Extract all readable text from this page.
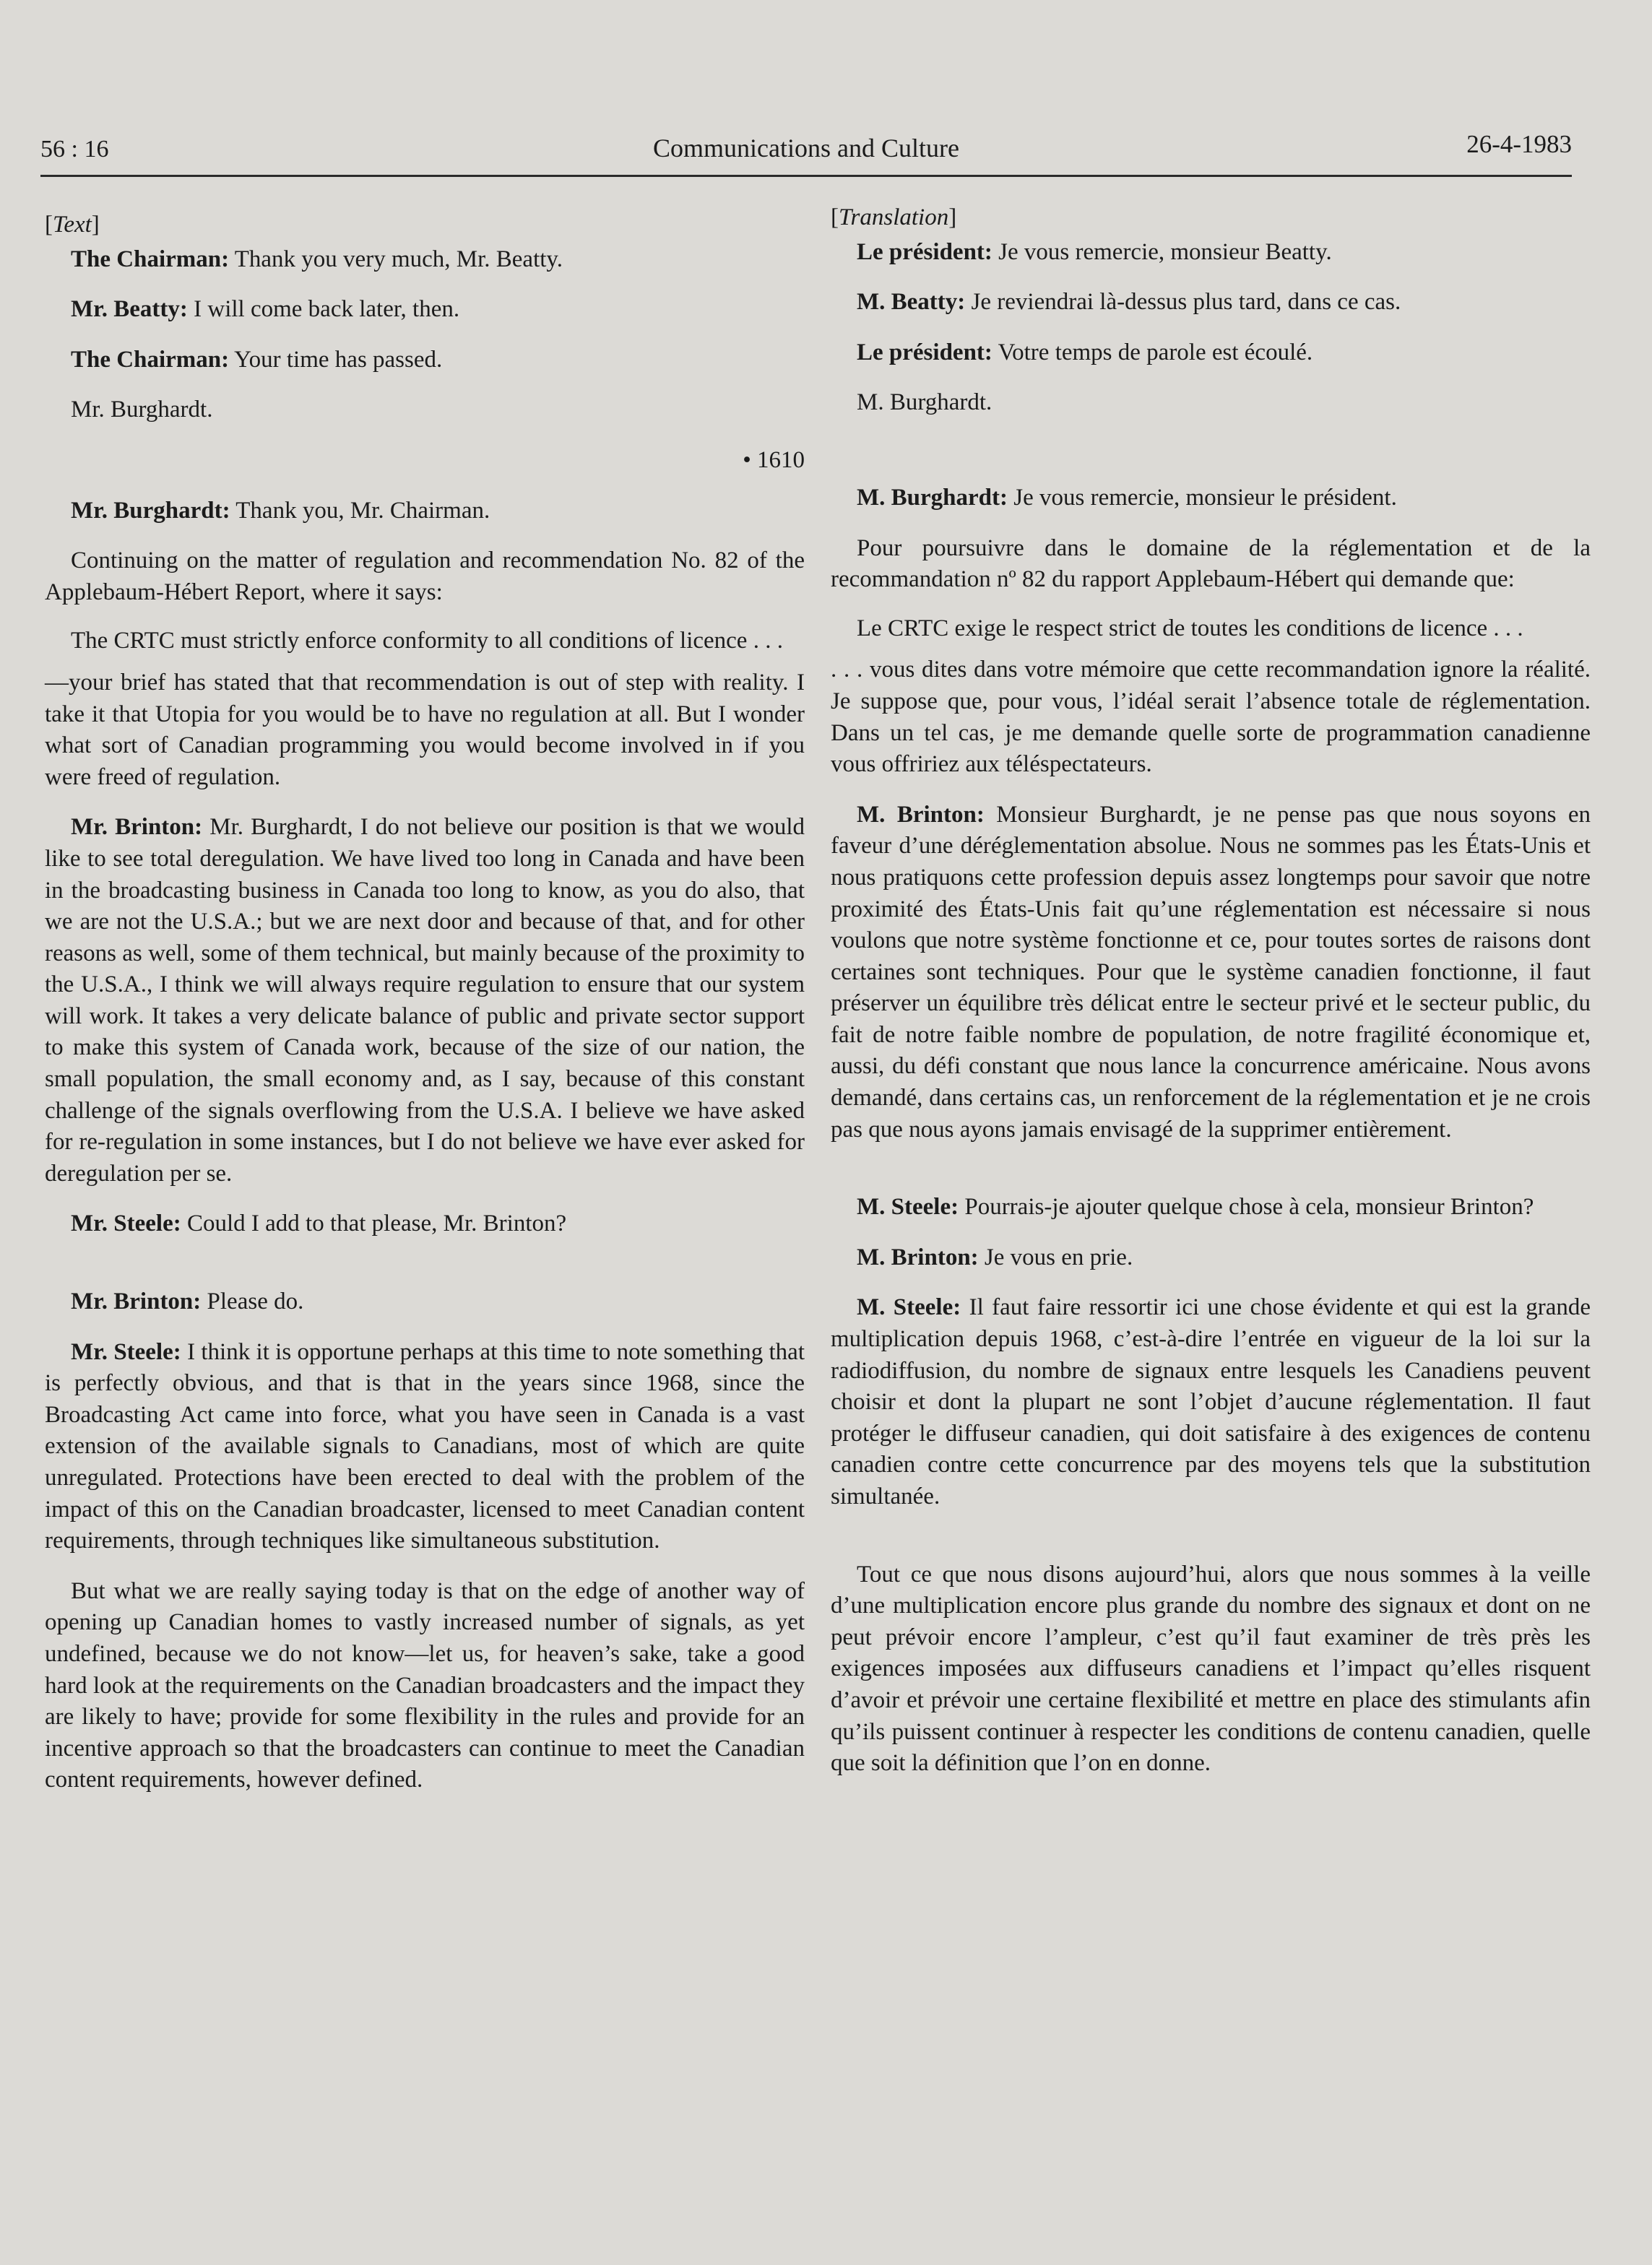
56 : 16	Communications and Culture	26-4-1983

[Text]

The Chairman: Thank you very much, Mr. Beatty.

Mr. Beatty: I will come back later, then.

The Chairman: Your time has passed.

Mr. Burghardt.

• 1610

Mr. Burghardt: Thank you, Mr. Chairman.

Continuing on the matter of regulation and recommendation No. 82 of the Applebaum-Hébert Report, where it says:

The CRTC must strictly enforce conformity to all conditions of licence . . .

—your brief has stated that that recommendation is out of step with reality. I take it that Utopia for you would be to have no regulation at all. But I wonder what sort of Canadian programming you would become involved in if you were freed of regulation.

Mr. Brinton: Mr. Burghardt, I do not believe our position is that we would like to see total deregulation. We have lived too long in Canada and have been in the broadcasting business in Canada too long to know, as you do also, that we are not the U.S.A.; but we are next door and because of that, and for other reasons as well, some of them technical, but mainly because of the proximity to the U.S.A., I think we will always require regulation to ensure that our system will work. It takes a very delicate balance of public and private sector support to make this system of Canada work, because of the size of our nation, the small population, the small economy and, as I say, because of this constant challenge of the signals overflowing from the U.S.A. I believe we have asked for re-regulation in some instances, but I do not believe we have ever asked for deregulation per se.

Mr. Steele: Could I add to that please, Mr. Brinton?

Mr. Brinton: Please do.

Mr. Steele: I think it is opportune perhaps at this time to note something that is perfectly obvious, and that is that in the years since 1968, since the Broadcasting Act came into force, what you have seen in Canada is a vast extension of the available signals to Canadians, most of which are quite unregulated. Protections have been erected to deal with the problem of the impact of this on the Canadian broadcaster, licensed to meet Canadian content requirements, through techniques like simultaneous substitution.

But what we are really saying today is that on the edge of another way of opening up Canadian homes to vastly increased number of signals, as yet undefined, because we do not know—let us, for heaven’s sake, take a good hard look at the requirements on the Canadian broadcasters and the impact they are likely to have; provide for some flexibility in the rules and provide for an incentive approach so that the broadcasters can continue to meet the Canadian content requirements, however defined.

[Translation]

Le président: Je vous remercie, monsieur Beatty.

M. Beatty: Je reviendrai là-dessus plus tard, dans ce cas.

Le président: Votre temps de parole est écoulé.

M. Burghardt.

M. Burghardt: Je vous remercie, monsieur le président.

Pour poursuivre dans le domaine de la réglementation et de la recommandation nº 82 du rapport Applebaum-Hébert qui demande que:

Le CRTC exige le respect strict de toutes les conditions de licence . . .

. . . vous dites dans votre mémoire que cette recommandation ignore la réalité. Je suppose que, pour vous, l’idéal serait l’absence totale de réglementation. Dans un tel cas, je me demande quelle sorte de programmation canadienne vous offririez aux téléspectateurs.

M. Brinton: Monsieur Burghardt, je ne pense pas que nous soyons en faveur d’une déréglementation absolue. Nous ne sommes pas les États-Unis et nous pratiquons cette profession depuis assez longtemps pour savoir que notre proximité des États-Unis fait qu’une réglementation est nécessaire si nous voulons que notre système fonctionne et ce, pour toutes sortes de raisons dont certaines sont techniques. Pour que le système canadien fonctionne, il faut préserver un équilibre très délicat entre le secteur privé et le secteur public, du fait de notre faible nombre de population, de notre fragilité économique et, aussi, du défi constant que nous lance la concurrence américaine. Nous avons demandé, dans certains cas, un renforcement de la réglementation et je ne crois pas que nous ayons jamais envisagé de la supprimer entièrement.

M. Steele: Pourrais-je ajouter quelque chose à cela, monsieur Brinton?

M. Brinton: Je vous en prie.

M. Steele: Il faut faire ressortir ici une chose évidente et qui est la grande multiplication depuis 1968, c’est-à-dire l’entrée en vigueur de la loi sur la radiodiffusion, du nombre de signaux entre lesquels les Canadiens peuvent choisir et dont la plupart ne sont l’objet d’aucune réglementation. Il faut protéger le diffuseur canadien, qui doit satisfaire à des exigences de contenu canadien contre cette concurrence par des moyens tels que la substitution simultanée.

Tout ce que nous disons aujourd’hui, alors que nous sommes à la veille d’une multiplication encore plus grande du nombre des signaux et dont on ne peut prévoir encore l’ampleur, c’est qu’il faut examiner de très près les exigences imposées aux diffuseurs canadiens et l’impact qu’elles risquent d’avoir et prévoir une certaine flexibilité et mettre en place des stimulants afin qu’ils puissent continuer à respecter les conditions de contenu canadien, quelle que soit la définition que l’on en donne.
